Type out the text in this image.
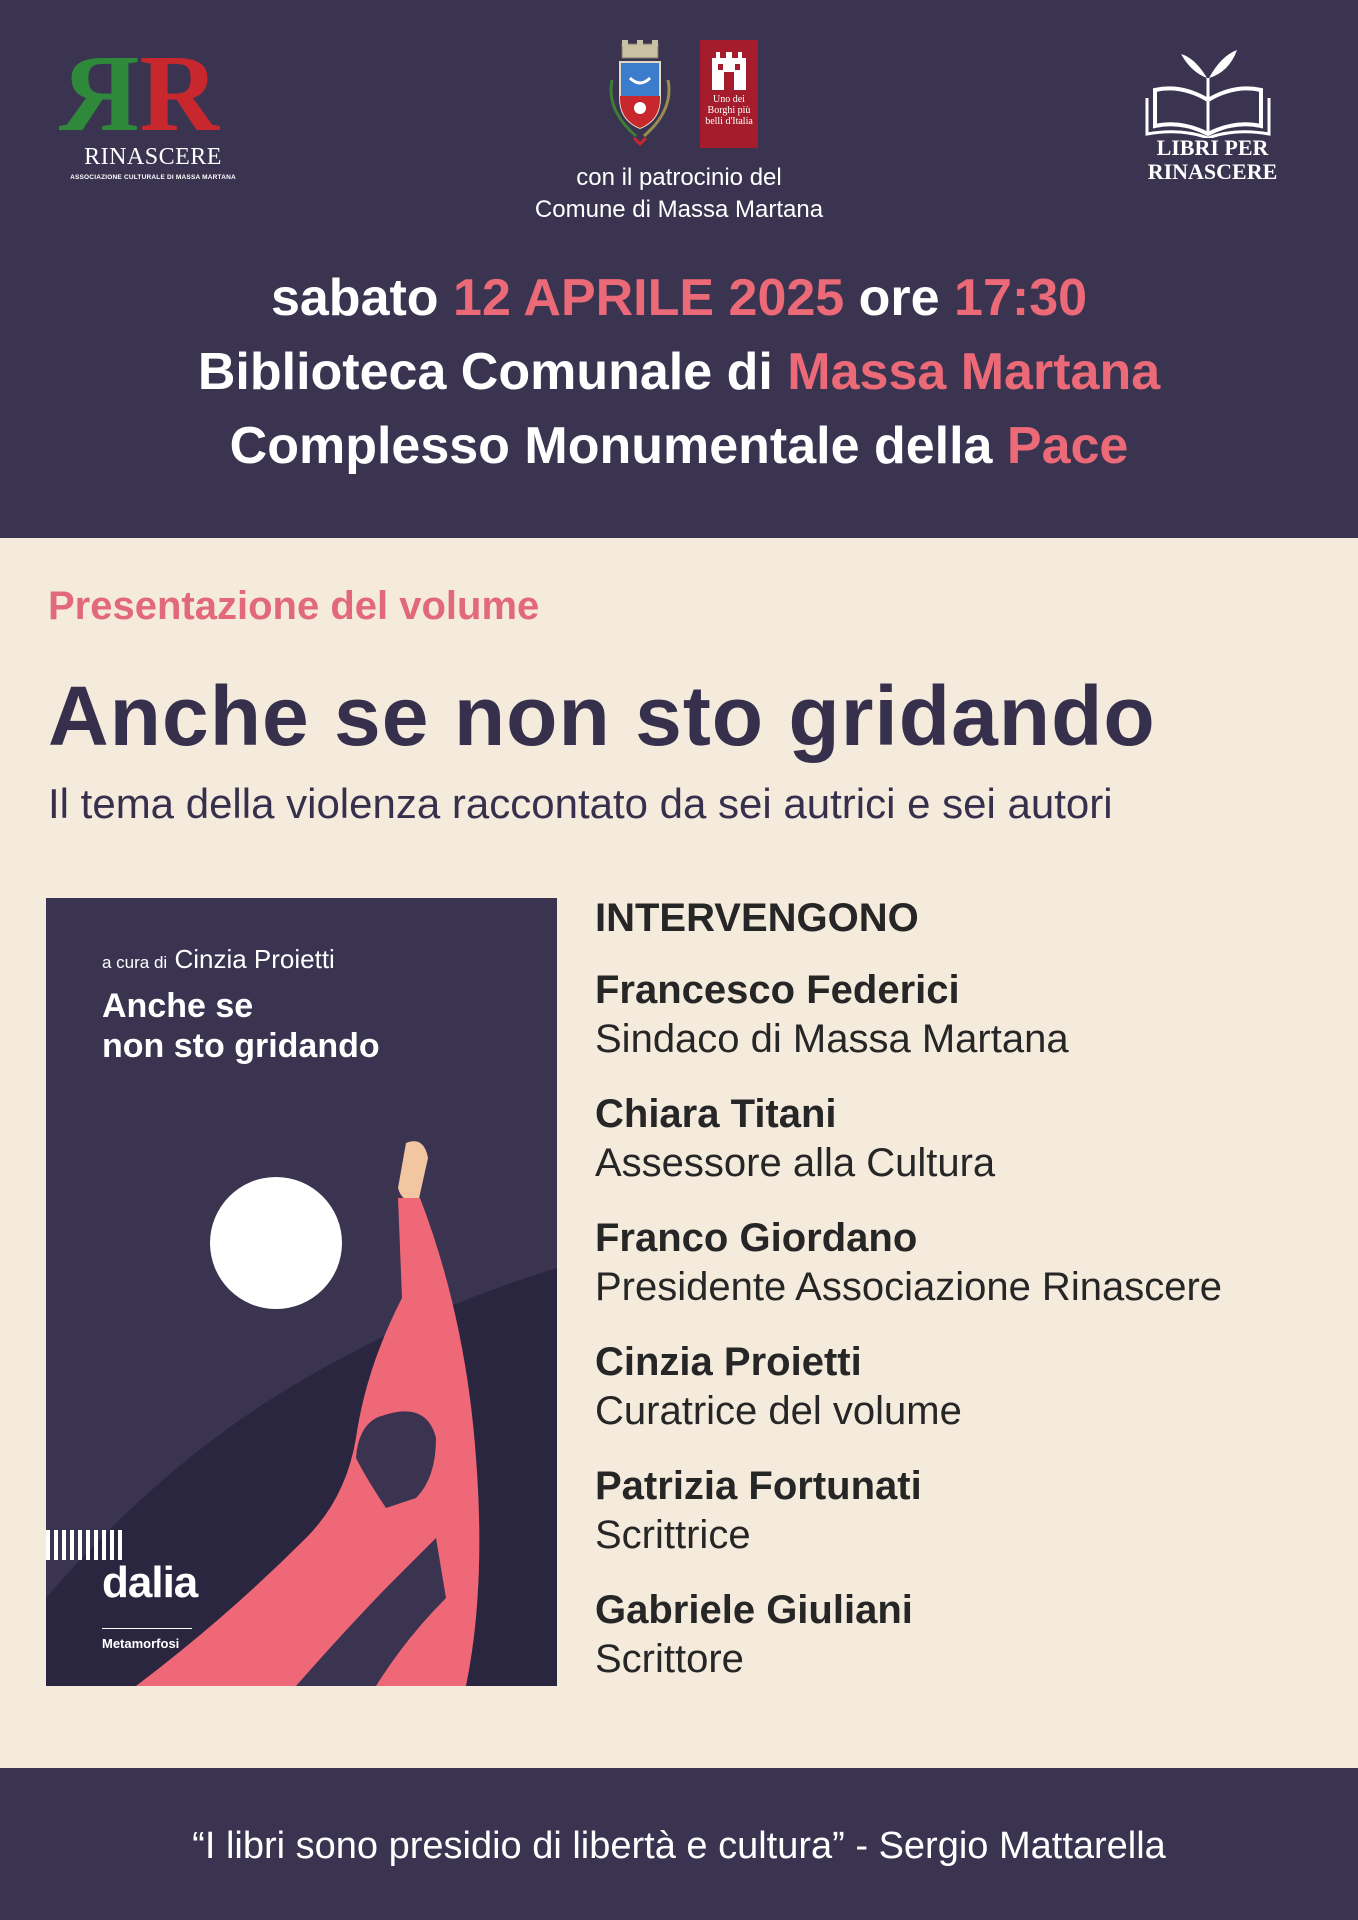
RR
RINASCERE
ASSOCIAZIONE CULTURALE DI MASSA MARTANA
Uno dei Borghi più belli d'Italia
con il patrocinio del
Comune di Massa Martana
LIBRI PER
RINASCERE
sabato 12 APRILE 2025 ore 17:30
Biblioteca Comunale di Massa Martana
Complesso Monumentale della Pace
Presentazione del volume
Anche se non sto gridando
Il tema della violenza raccontato da sei autrici e sei autori
a cura di Cinzia Proietti
Anche se
non sto gridando
dalia
Metamorfosi
INTERVENGONO
Francesco Federici
Sindaco di Massa Martana
Chiara Titani
Assessore alla Cultura
Franco Giordano
Presidente Associazione Rinascere
Cinzia Proietti
Curatrice del volume
Patrizia Fortunati
Scrittrice
Gabriele Giuliani
Scrittore
“I libri sono presidio di libertà e cultura” - Sergio Mattarella
